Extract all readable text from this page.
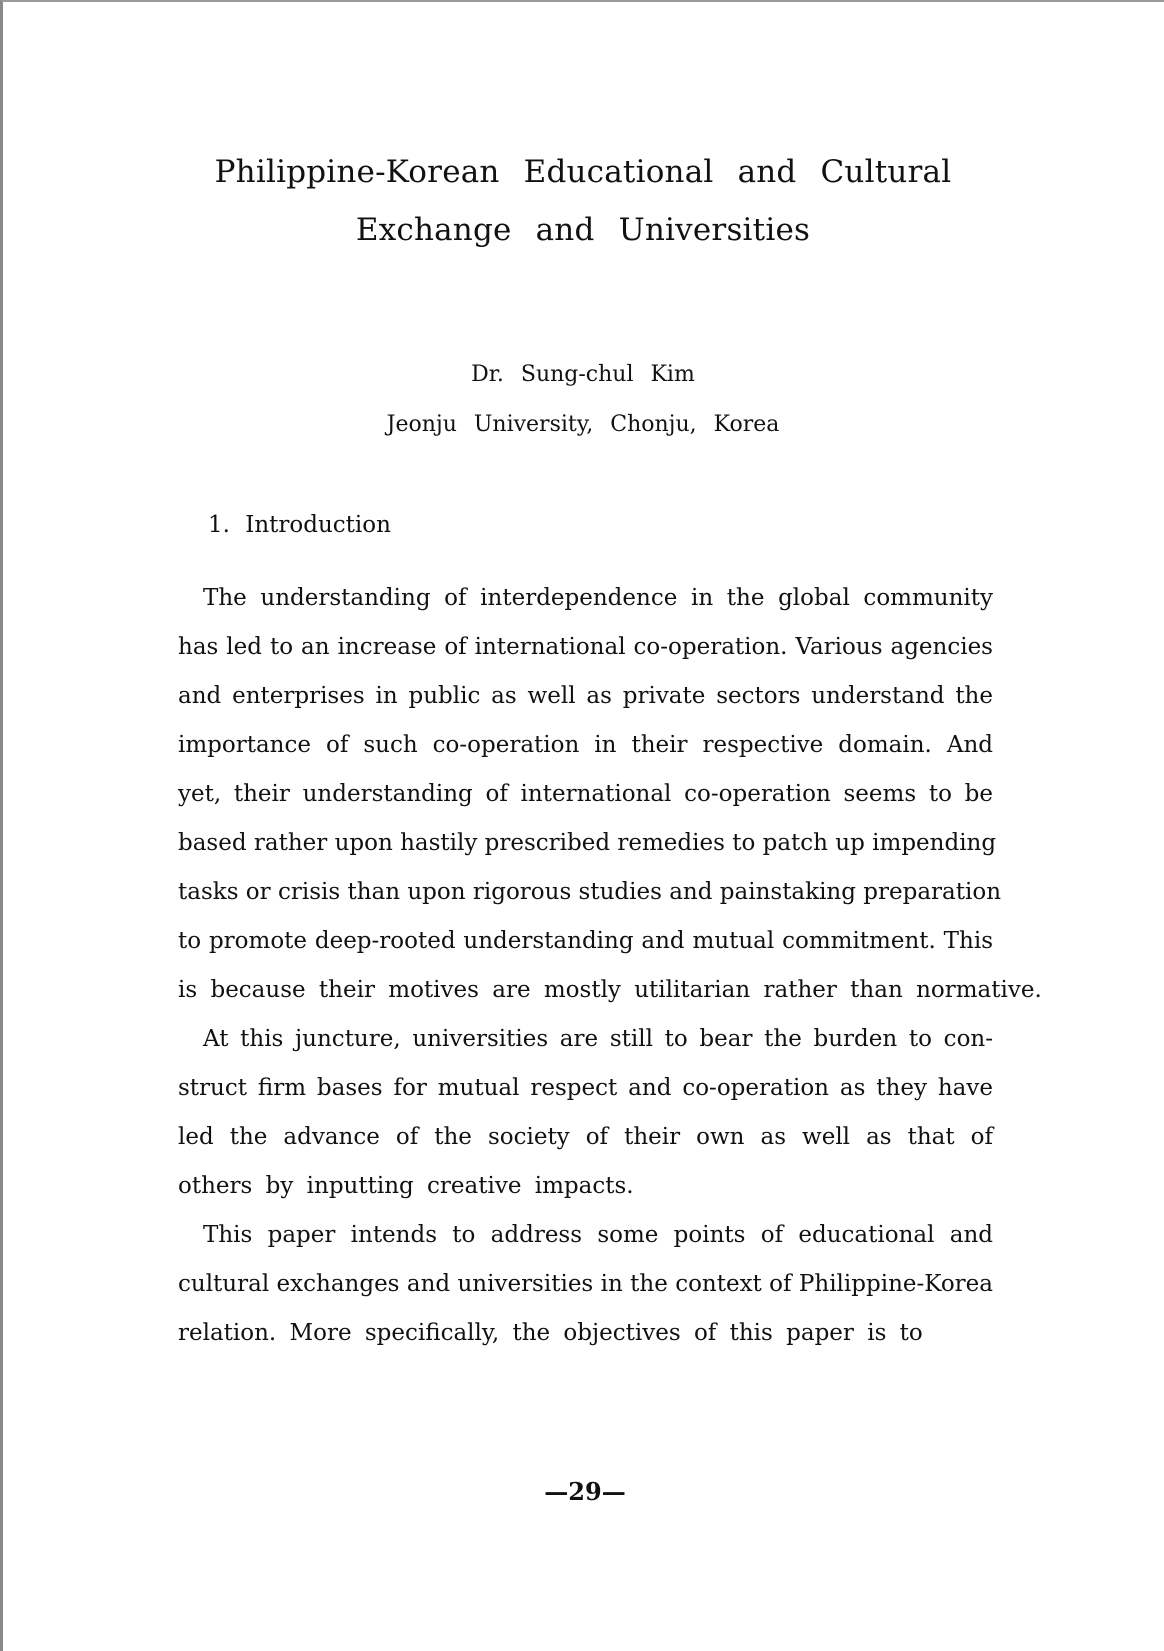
Philippine-Korean Educational and Cultural
Exchange and Universities
Dr. Sung-chul Kim
Jeonju University, Chonju, Korea
1. Introduction
The understanding of interdependence in the global community
has led to an increase of international co-operation. Various agencies
and enterprises in public as well as private sectors understand the
importance of such co-operation in their respective domain. And
yet, their understanding of international co-operation seems to be
based rather upon hastily prescribed remedies to patch up impending
tasks or crisis than upon rigorous studies and painstaking preparation
to promote deep-rooted understanding and mutual commitment. This
is because their motives are mostly utilitarian rather than normative.
At this juncture, universities are still to bear the burden to con-
struct firm bases for mutual respect and co-operation as they have
led the advance of the society of their own as well as that of
others by inputting creative impacts.
This paper intends to address some points of educational and
cultural exchanges and universities in the context of Philippine-Korea
relation. More specifically, the objectives of this paper is to
—29—
